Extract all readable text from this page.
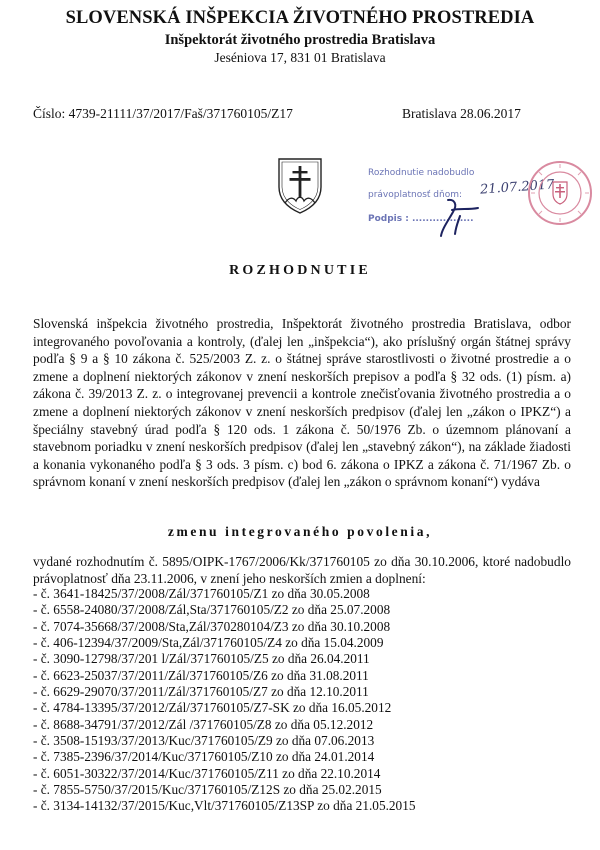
SLOVENSKÁ INŠPEKCIA ŽIVOTNÉHO PROSTREDIA
Inšpektorát životného prostredia Bratislava
Jeséniova 17, 831 01 Bratislava
Číslo: 4739-21111/37/2017/Faš/371760105/Z17	Bratislava 28.06.2017
Rozhodnutie nadobudlo
právoplatnosť dňom: 21.07.2017
Podpis : ..................
ROZHODNUTIE
Slovenská inšpekcia životného prostredia, Inšpektorát životného prostredia Bratislava, odbor integrovaného povoľovania a kontroly, (ďalej len „inšpekcia“), ako príslušný orgán štátnej správy podľa § 9 a § 10 zákona č. 525/2003 Z. z. o štátnej správe starostlivosti o životné prostredie a o zmene a doplnení niektorých zákonov v znení neskorších prepisov a podľa § 32 ods. (1) písm. a) zákona č. 39/2013 Z. z. o integrovanej prevencii a kontrole znečisťovania životného prostredia a o zmene a doplnení niektorých zákonov v znení neskorších predpisov (ďalej len „zákon o IPKZ“) a špeciálny stavebný úrad podľa § 120 ods. 1 zákona č. 50/1976 Zb. o územnom plánovaní a stavebnom poriadku v znení neskorších predpisov (ďalej len „stavebný zákon“), na základe žiadosti a konania vykonaného podľa § 3 ods. 3 písm. c) bod 6. zákona o IPKZ a zákona č. 71/1967 Zb. o správnom konaní v znení neskorších predpisov (ďalej len „zákon o správnom konaní“) vydáva
zmenu integrovaného povolenia,
vydané rozhodnutím č. 5895/OIPK-1767/2006/Kk/371760105 zo dňa 30.10.2006, ktoré nadobudlo právoplatnosť dňa 23.11.2006, v znení jeho neskorších zmien a doplnení:
- č. 3641-18425/37/2008/Zál/371760105/Z1 zo dňa 30.05.2008
- č. 6558-24080/37/2008/Zál,Sta/371760105/Z2 zo dňa 25.07.2008
- č. 7074-35668/37/2008/Sta,Zál/370280104/Z3 zo dňa 30.10.2008
- č. 406-12394/37/2009/Sta,Zál/371760105/Z4 zo dňa 15.04.2009
- č. 3090-12798/37/201 l/Zál/371760105/Z5 zo dňa 26.04.2011
- č. 6623-25037/37/2011/Zál/371760105/Z6 zo dňa 31.08.2011
- č. 6629-29070/37/2011/Zál/371760105/Z7 zo dňa 12.10.2011
- č. 4784-13395/37/2012/Zál/371760105/Z7-SK zo dňa 16.05.2012
- č. 8688-34791/37/2012/Zál /371760105/Z8 zo dňa 05.12.2012
- č. 3508-15193/37/2013/Kuc/371760105/Z9 zo dňa 07.06.2013
- č. 7385-2396/37/2014/Kuc/371760105/Z10 zo dňa 24.01.2014
- č. 6051-30322/37/2014/Kuc/371760105/Z11 zo dňa 22.10.2014
- č. 7855-5750/37/2015/Kuc/371760105/Z12S zo dňa 25.02.2015
- č. 3134-14132/37/2015/Kuc,Vlt/371760105/Z13SP zo dňa 21.05.2015
